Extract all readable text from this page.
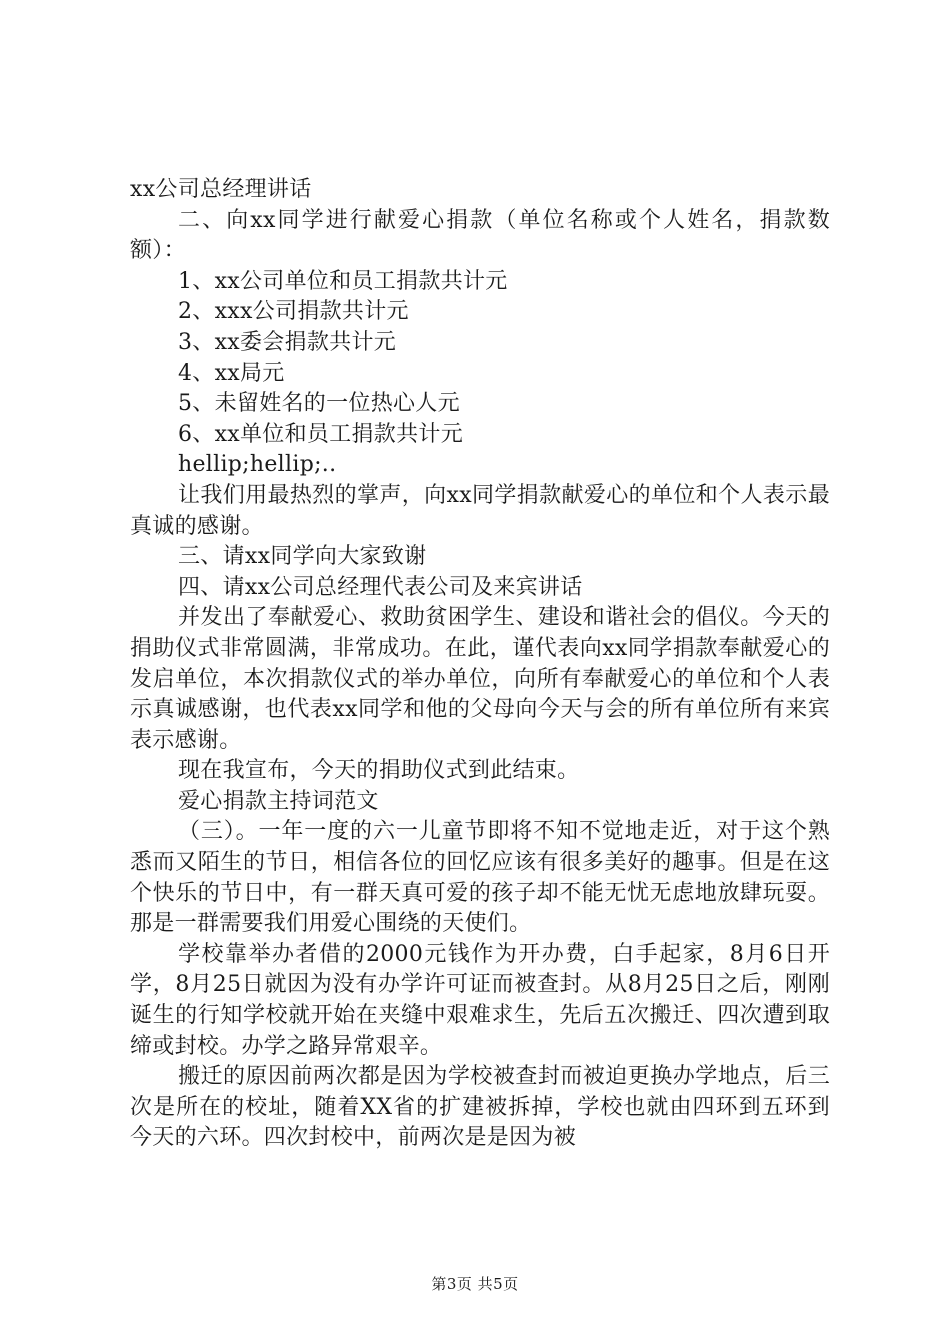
xx公司总经理讲话

二、向xx同学进行献爱心捐款（单位名称或个人姓名，捐款数额）：

1、xx公司单位和员工捐款共计元

2、xxx公司捐款共计元

3、xx委会捐款共计元

4、xx局元

5、未留姓名的一位热心人元

6、xx单位和员工捐款共计元

hellip;hellip;..

让我们用最热烈的掌声，向xx同学捐款献爱心的单位和个人表示最真诚的感谢。

三、请xx同学向大家致谢

四、请xx公司总经理代表公司及来宾讲话

并发出了奉献爱心、救助贫困学生、建设和谐社会的倡仪。今天的捐助仪式非常圆满，非常成功。在此，谨代表向xx同学捐款奉献爱心的发启单位，本次捐款仪式的举办单位，向所有奉献爱心的单位和个人表示真诚感谢，也代表xx同学和他的父母向今天与会的所有单位所有来宾表示感谢。

现在我宣布，今天的捐助仪式到此结束。

爱心捐款主持词范文

（三）。一年一度的六一儿童节即将不知不觉地走近，对于这个熟悉而又陌生的节日，相信各位的回忆应该有很多美好的趣事。但是在这个快乐的节日中，有一群天真可爱的孩子却不能无忧无虑地放肆玩耍。那是一群需要我们用爱心围绕的天使们。

学校靠举办者借的2000元钱作为开办费，白手起家，8月6日开学，8月25日就因为没有办学许可证而被查封。从8月25日之后，刚刚诞生的行知学校就开始在夹缝中艰难求生，先后五次搬迁、四次遭到取缔或封校。办学之路异常艰辛。

搬迁的原因前两次都是因为学校被查封而被迫更换办学地点，后三次是所在的校址，随着XX省的扩建被拆掉，学校也就由四环到五环到今天的六环。四次封校中，前两次是是因为被

第3页 共5页
